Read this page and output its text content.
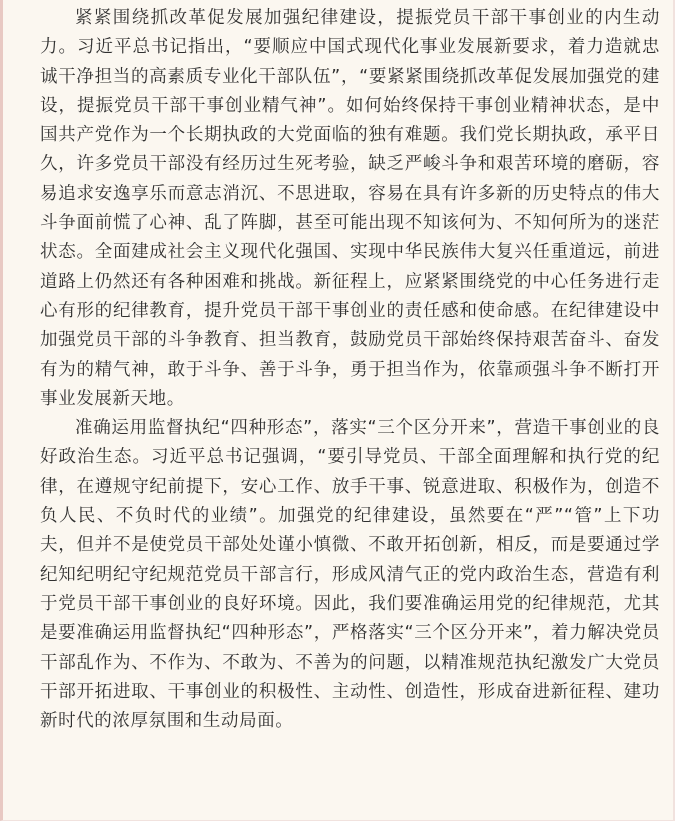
紧紧围绕抓改革促发展加强纪律建设，提振党员干部干事创业的内生动力。习近平总书记指出，“要顺应中国式现代化事业发展新要求，着力造就忠诚干净担当的高素质专业化干部队伍”，“要紧紧围绕抓改革促发展加强党的建设，提振党员干部干事创业精气神”。如何始终保持干事创业精神状态，是中国共产党作为一个长期执政的大党面临的独有难题。我们党长期执政，承平日久，许多党员干部没有经历过生死考验，缺乏严峻斗争和艰苦环境的磨砺，容易追求安逸享乐而意志消沉、不思进取，容易在具有许多新的历史特点的伟大斗争面前慌了心神、乱了阵脚，甚至可能出现不知该何为、不知何所为的迷茫状态。全面建成社会主义现代化强国、实现中华民族伟大复兴任重道远，前进道路上仍然还有各种困难和挑战。新征程上，应紧紧围绕党的中心任务进行走心有形的纪律教育，提升党员干部干事创业的责任感和使命感。在纪律建设中加强党员干部的斗争教育、担当教育，鼓励党员干部始终保持艰苦奋斗、奋发有为的精气神，敢于斗争、善于斗争，勇于担当作为，依靠顽强斗争不断打开事业发展新天地。

准确运用监督执纪“四种形态”，落实“三个区分开来”，营造干事创业的良好政治生态。习近平总书记强调，“要引导党员、干部全面理解和执行党的纪律，在遵规守纪前提下，安心工作、放手干事、锐意进取、积极作为，创造不负人民、不负时代的业绩”。加强党的纪律建设，虽然要在“严”“管”上下功夫，但并不是使党员干部处处谨小慎微、不敢开拓创新，相反，而是要通过学纪知纪明纪守纪规范党员干部言行，形成风清气正的党内政治生态，营造有利于党员干部干事创业的良好环境。因此，我们要准确运用党的纪律规范，尤其是要准确运用监督执纪“四种形态”，严格落实“三个区分开来”，着力解决党员干部乱作为、不作为、不敢为、不善为的问题，以精准规范执纪激发广大党员干部开拓进取、干事创业的积极性、主动性、创造性，形成奋进新征程、建功新时代的浓厚氛围和生动局面。
